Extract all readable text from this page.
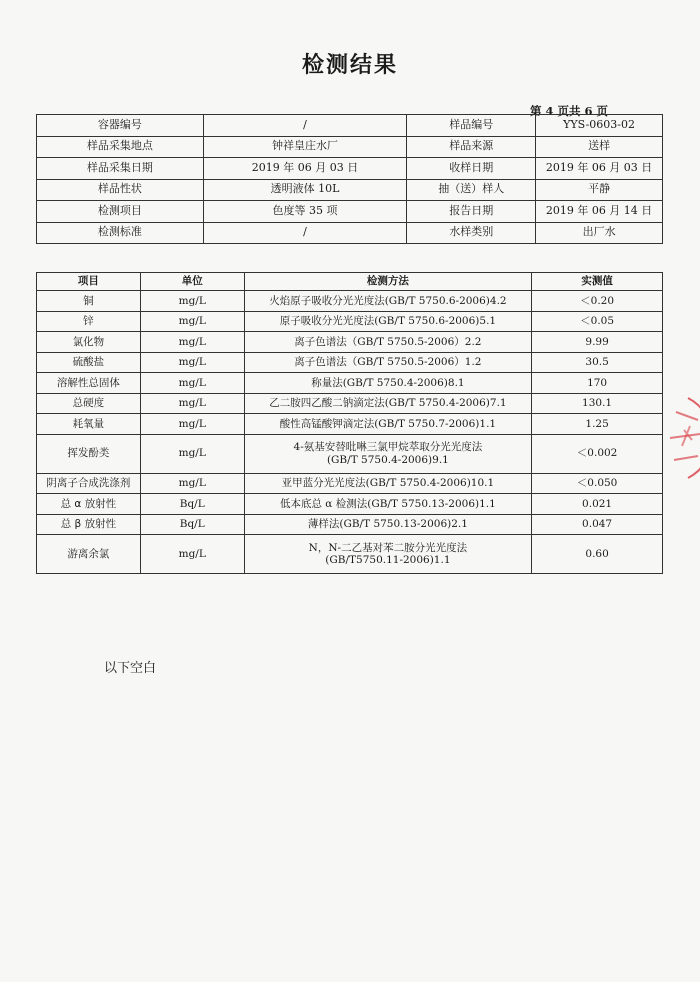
检测结果
第 4 页共 6 页
容器编号	/	样品编号	YYS-0603-02
样品采集地点	钟祥皇庄水厂	样品来源	送样
样品采集日期	2019 年 06 月 03 日	收样日期	2019 年 06 月 03 日
样品性状	透明液体 10L	抽（送）样人	平静
检测项目	色度等 35 项	报告日期	2019 年 06 月 14 日
检测标准	/	水样类别	出厂水
项目	单位	检测方法	实测值
铜	mg/L	火焰原子吸收分光光度法(GB/T 5750.6-2006)4.2	＜0.20
锌	mg/L	原子吸收分光光度法(GB/T 5750.6-2006)5.1	＜0.05
氯化物	mg/L	离子色谱法（GB/T 5750.5-2006）2.2	9.99
硫酸盐	mg/L	离子色谱法（GB/T 5750.5-2006）1.2	30.5
溶解性总固体	mg/L	称量法(GB/T 5750.4-2006)8.1	170
总硬度	mg/L	乙二胺四乙酸二钠滴定法(GB/T 5750.4-2006)7.1	130.1
耗氧量	mg/L	酸性高锰酸钾滴定法(GB/T 5750.7-2006)1.1	1.25
挥发酚类	mg/L	4-氨基安替吡啉三氯甲烷萃取分光光度法
(GB/T 5750.4-2006)9.1	＜0.002
阴离子合成洗涤剂	mg/L	亚甲蓝分光光度法(GB/T 5750.4-2006)10.1	＜0.050
总 α 放射性	Bq/L	低本底总 α 检测法(GB/T 5750.13-2006)1.1	0.021
总 β 放射性	Bq/L	薄样法(GB/T 5750.13-2006)2.1	0.047
游离余氯	mg/L	N，N-二乙基对苯二胺分光光度法
(GB/T5750.11-2006)1.1	0.60
以下空白
